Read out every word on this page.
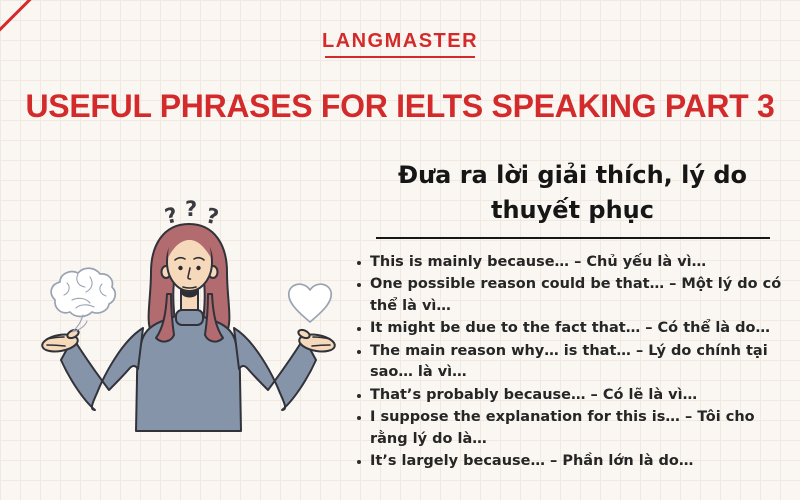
LANGMASTER
USEFUL PHRASES FOR IELTS SPEAKING PART 3
? ? ?
Đưa ra lời giải thích, lý do thuyết phục
This is mainly because… – Chủ yếu là vì…
One possible reason could be that… – Một lý do có thể là vì…
It might be due to the fact that… – Có thể là do…
The main reason why… is that… – Lý do chính tại sao… là vì…
That’s probably because… – Có lẽ là vì…
I suppose the explanation for this is… – Tôi cho rằng lý do là…
It’s largely because… – Phần lớn là do…
